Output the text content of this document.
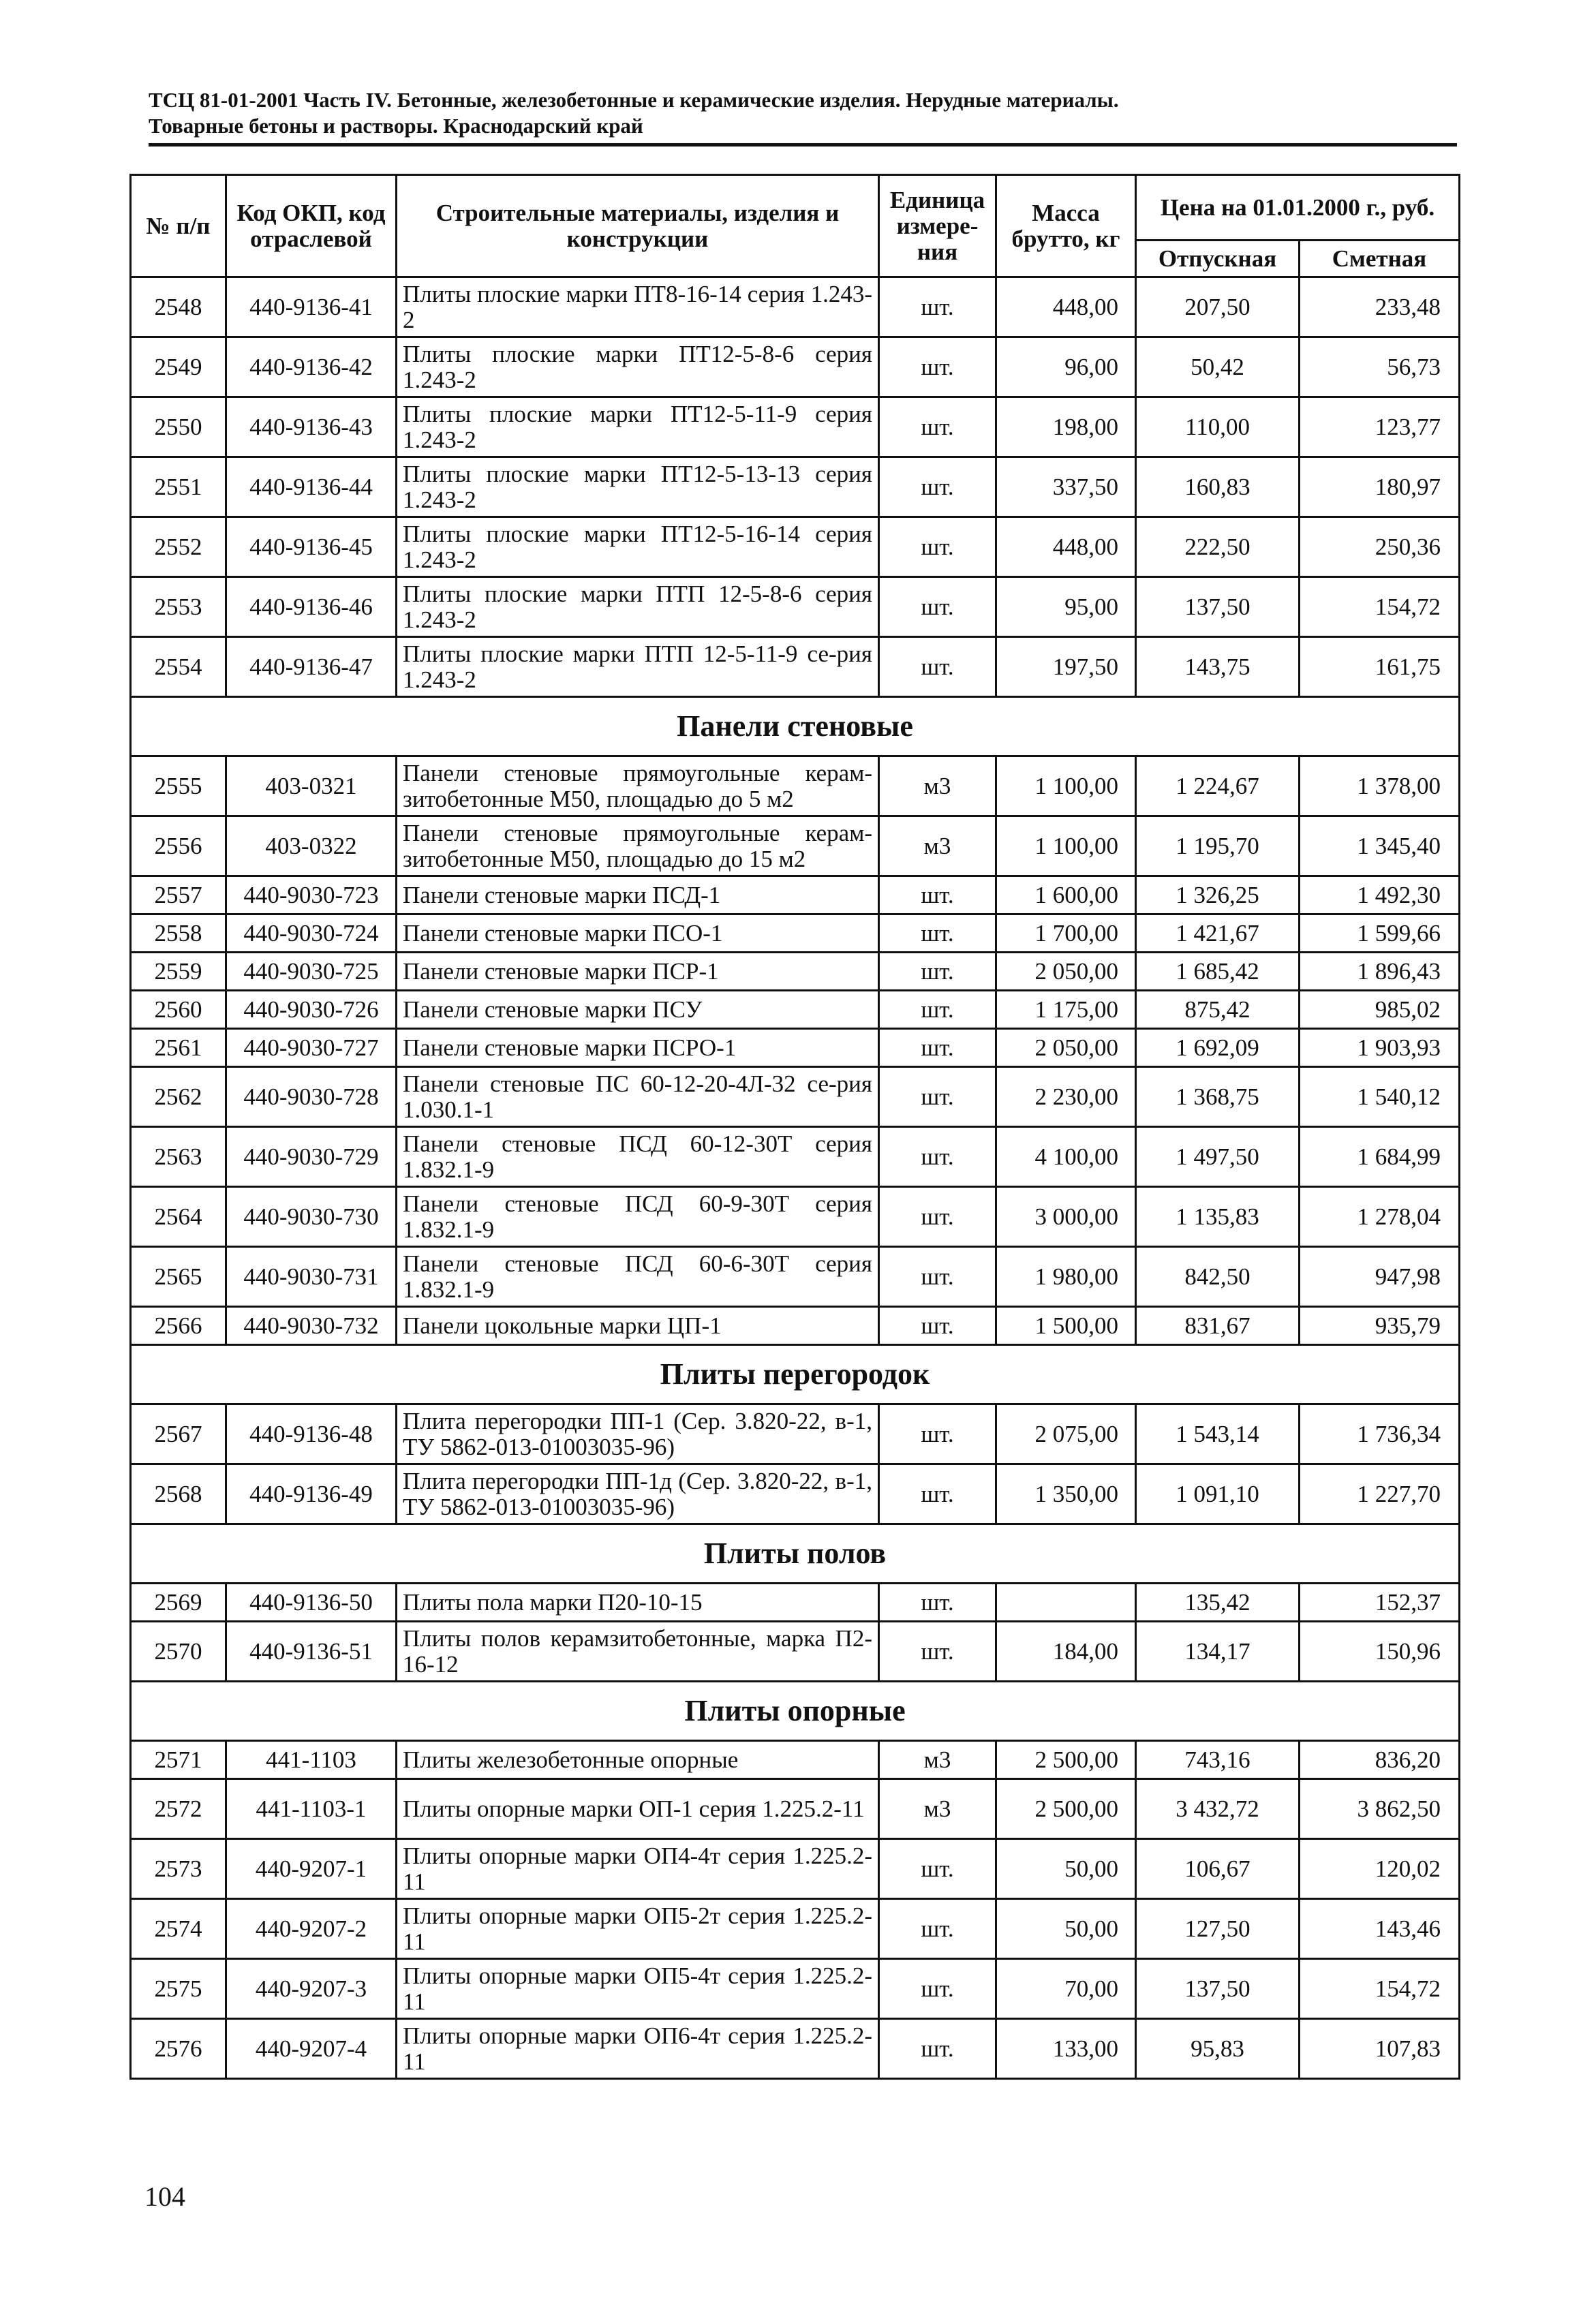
ТСЦ 81-01-2001 Часть IV. Бетонные, железобетонные и керамические изделия. Нерудные материалы.
Товарные бетоны и растворы. Краснодарский край
№ п/п	Код ОКП, код отраслевой	Строительные материалы, изделия и конструкции	Единица измере-ния	Масса брутто, кг	Цена на 01.01.2000 г., руб.	
					Отпускная	Сметная
2548	440-9136-41	Плиты плоские марки ПТ8-16-14 серия 1.243-2	шт.	448,00	207,50	233,48
2549	440-9136-42	Плиты плоские марки ПТ12-5-8-6 серия 1.243-2	шт.	96,00	50,42	56,73
2550	440-9136-43	Плиты плоские марки ПТ12-5-11-9 серия 1.243-2	шт.	198,00	110,00	123,77
2551	440-9136-44	Плиты плоские марки ПТ12-5-13-13 серия 1.243-2	шт.	337,50	160,83	180,97
2552	440-9136-45	Плиты плоские марки ПТ12-5-16-14 серия 1.243-2	шт.	448,00	222,50	250,36
2553	440-9136-46	Плиты плоские марки ПТП 12-5-8-6 серия 1.243-2	шт.	95,00	137,50	154,72
2554	440-9136-47	Плиты плоские марки ПТП 12-5-11-9 се-рия 1.243-2	шт.	197,50	143,75	161,75
Панели стеновые						
2555	403-0321	Панели стеновые прямоугольные керам-зитобетонные М50, площадью до 5 м2	м3	1 100,00	1 224,67	1 378,00
2556	403-0322	Панели стеновые прямоугольные керам-зитобетонные М50, площадью до 15 м2	м3	1 100,00	1 195,70	1 345,40
2557	440-9030-723	Панели стеновые марки ПСД-1	шт.	1 600,00	1 326,25	1 492,30
2558	440-9030-724	Панели стеновые марки ПСО-1	шт.	1 700,00	1 421,67	1 599,66
2559	440-9030-725	Панели стеновые марки ПСР-1	шт.	2 050,00	1 685,42	1 896,43
2560	440-9030-726	Панели стеновые марки ПСУ	шт.	1 175,00	875,42	985,02
2561	440-9030-727	Панели стеновые марки ПСРО-1	шт.	2 050,00	1 692,09	1 903,93
2562	440-9030-728	Панели стеновые ПС 60-12-20-4Л-32 се-рия 1.030.1-1	шт.	2 230,00	1 368,75	1 540,12
2563	440-9030-729	Панели стеновые ПСД 60-12-30Т серия 1.832.1-9	шт.	4 100,00	1 497,50	1 684,99
2564	440-9030-730	Панели стеновые ПСД 60-9-30Т серия 1.832.1-9	шт.	3 000,00	1 135,83	1 278,04
2565	440-9030-731	Панели стеновые ПСД 60-6-30Т серия 1.832.1-9	шт.	1 980,00	842,50	947,98
2566	440-9030-732	Панели цокольные марки ЦП-1	шт.	1 500,00	831,67	935,79
Плиты перегородок						
2567	440-9136-48	Плита перегородки ПП-1 (Сер. 3.820-22, в-1, ТУ 5862-013-01003035-96)	шт.	2 075,00	1 543,14	1 736,34
2568	440-9136-49	Плита перегородки ПП-1д (Сер. 3.820-22, в-1, ТУ 5862-013-01003035-96)	шт.	1 350,00	1 091,10	1 227,70
Плиты полов						
2569	440-9136-50	Плиты пола марки П20-10-15	шт.		135,42	152,37
2570	440-9136-51	Плиты полов керамзитобетонные, марка П2-16-12	шт.	184,00	134,17	150,96
Плиты опорные						
2571	441-1103	Плиты железобетонные опорные	м3	2 500,00	743,16	836,20
2572	441-1103-1	Плиты опорные марки ОП-1 серия 1.225.2-11	м3	2 500,00	3 432,72	3 862,50
2573	440-9207-1	Плиты опорные марки ОП4-4т серия 1.225.2-11	шт.	50,00	106,67	120,02
2574	440-9207-2	Плиты опорные марки ОП5-2т серия 1.225.2-11	шт.	50,00	127,50	143,46
2575	440-9207-3	Плиты опорные марки ОП5-4т серия 1.225.2-11	шт.	70,00	137,50	154,72
2576	440-9207-4	Плиты опорные марки ОП6-4т серия 1.225.2-11	шт.	133,00	95,83	107,83
104
